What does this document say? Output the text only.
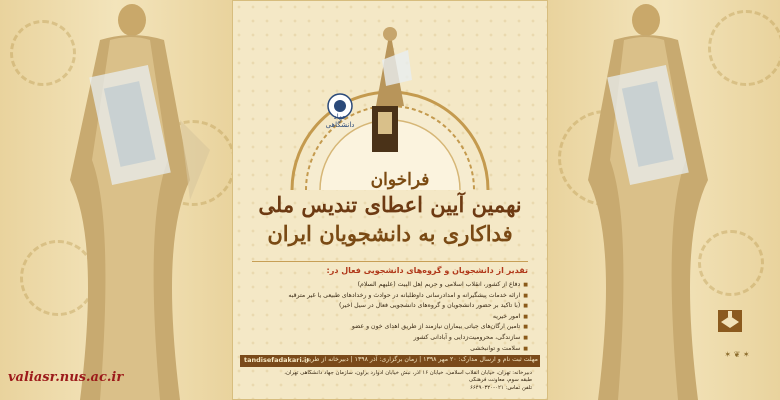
valiasr.nus.ac.ir
✶ ❦ ✶
جهاد دانشگاهی
فراخوان
نهمین آیین اعطای تندیس ملی
فداکاری به دانشجویان ایران
تقدیر از دانشجویان و گروه‌های دانشجویی فعال در:
■ دفاع از کشور، انقلاب اسلامی و حریم اهل البیت (علیهم السلام)
■ ارائه خدمات پیشگیرانه و امدادرسانی داوطلبانه در حوادث و رخدادهای طبیعی یا غیر مترقبه
■ (با تاکید بر حضور دانشجویان و گروه‌های دانشجویی فعال در سیل اخیر)
■ امور خیریه
■ تامین ارگان‌های حیاتی بیماران نیازمند از طریق اهدای خون و عضو
■ سازندگی، محرومیت‌زدایی و آبادانی کشور
■ سلامت و توانبخشی
tandisefadakari.ir
مهلت ثبت نام و ارسال مدارک: ۲۰ مهر ۱۳۹۸ | زمان برگزاری: آذر ۱۳۹۸ | دبیرخانه از طریق:
دبیرخانه: تهران، خیابان انقلاب اسلامی، خیابان ۱۶ آذر، نبش خیابان ادوارد براون، سازمان جهاد دانشگاهی تهران،
طبقه سوم، معاونت فرهنگی
تلفن تماس: ۰۲۱-۶۶۴۹۰۳۲۰
